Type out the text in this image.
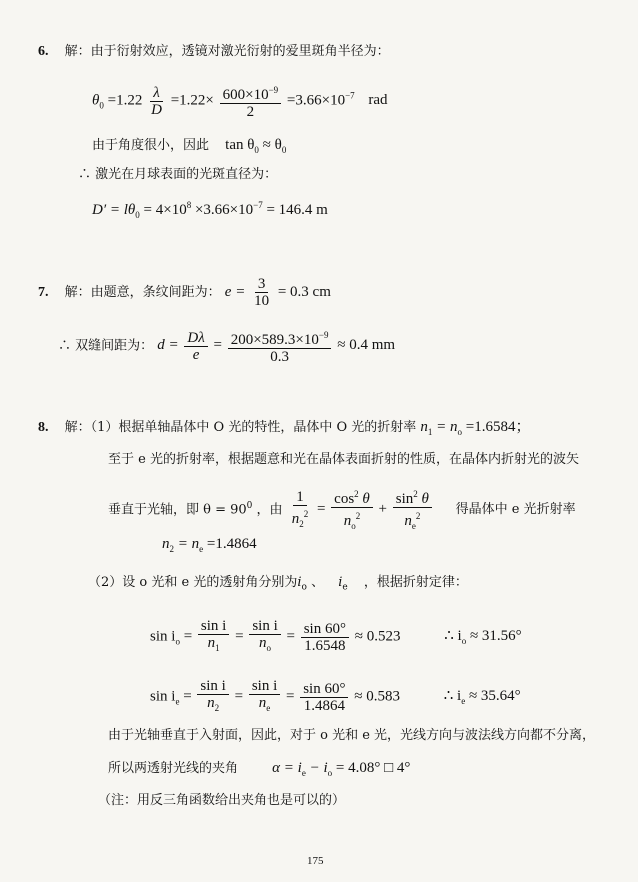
6. 解：由于衍射效应，透镜对激光衍射的爱里斑角半径为：
$\theta_0 =1.22 \frac{\lambda}{D} =1.22\times \frac{600\times 10^{-9}}{2} =3.66\times 10^{-7}$ rad
由于角度很小，因此 $\tan \theta_0 \approx \theta_0$
∴ 激光在月球表面的光斑直径为：
$D' = l\theta_0 = 4\times 10^8 \times 3.66\times 10^{-7} = 146.4$ m
7. 解：由题意，条纹间距为： $e = \frac{3}{10} = 0.3$ cm
∴ 双缝间距为： $d = \frac{D\lambda}{e} = \frac{200\times 589.3\times 10^{-9}}{0.3} \approx 0.4$ mm
8. 解：（1）根据单轴晶体中 O 光的特性，晶体中 O 光的折射率 $n_1 = n_o =1.6584$；
至于 e 光的折射率，根据题意和光在晶体表面折射的性质，在晶体内折射光的波矢
垂直于光轴，即 $\theta = 90^0$ ，由 $\frac{1}{n_2^2} = \frac{\cos^2 \theta}{n_o^2} + \frac{\sin^2 \theta}{n_e^2}$ 得晶体中 e 光折射率
$n_2 = n_e =1.4864$
（2）设 o 光和 e 光的透射角分别为$i_o$ 、 $i_e$ ，根据折射定律：
$\sin i_o = \frac{\text{sin i}}{n_1} = \frac{\text{sin i}}{n_o} = \frac{\sin 60^\circ}{1.6548} \approx 0.523$	∴ $i_o \approx 31.56^\circ$
$\sin i_e = \frac{\text{sin i}}{n_2} = \frac{\text{sin i}}{n_e} = \frac{\sin 60^\circ}{1.4864} \approx 0.583$	∴ $i_e \approx 35.64^\circ$
由于光轴垂直于入射面，因此，对于 o 光和 e 光，光线方向与波法线方向都不分离，
所以两透射光线的夹角 $\alpha = i_e - i_o = 4.08^\circ$ □ 4°
（注：用反三角函数给出夹角也是可以的）
175
